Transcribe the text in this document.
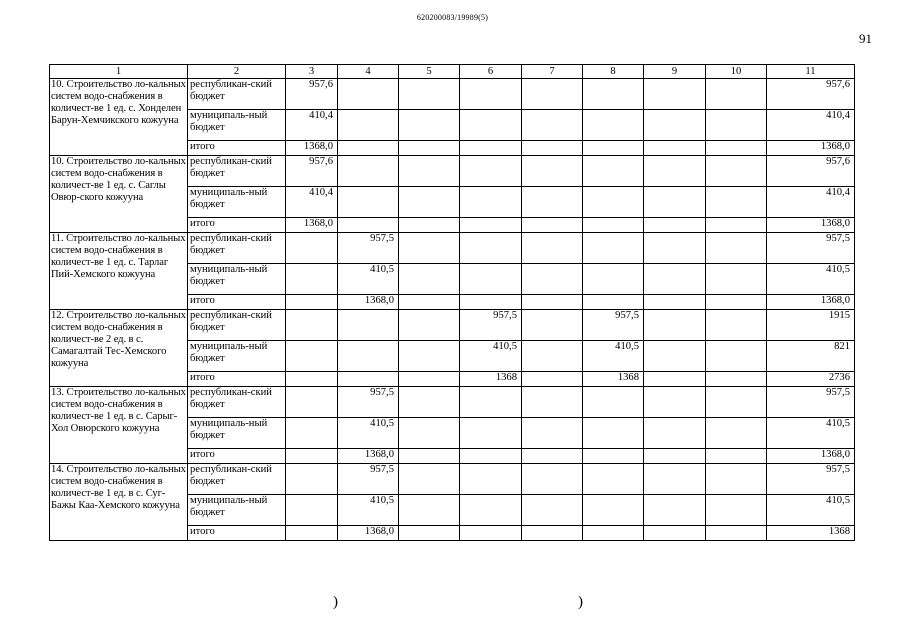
620200083/19989(5)
91
1	2	3	4	5	6	7	8	9	10	11
10. Строительство ло-кальных систем водо-снабжения в количест-ве 1 ед. с. Хонделен Барун-Хемчикского кожууна	республикан-ский бюджет	957,6								957,6
	муниципаль-ный бюджет	410,4								410,4
	итого	1368,0								1368,0
10. Строительство ло-кальных систем водо-снабжения в количест-ве 1 ед. с. Саглы Овюр-ского кожууна	республикан-ский бюджет	957,6								957,6
	муниципаль-ный бюджет	410,4								410,4
	итого	1368,0								1368,0
11. Строительство ло-кальных систем водо-снабжения в количест-ве 1 ед. с. Тарлаг Пий-Хемского кожууна	республикан-ский бюджет		957,5							957,5
	муниципаль-ный бюджет		410,5							410,5
	итого		1368,0							1368,0
12. Строительство ло-кальных систем водо-снабжения в количест-ве 2 ед. в с. Самагалтай Тес-Хемского кожууна	республикан-ский бюджет				957,5		957,5			1915
	муниципаль-ный бюджет				410,5		410,5			821
	итого				1368		1368			2736
13. Строительство ло-кальных систем водо-снабжения в количест-ве 1 ед. в с. Сарыг-Хол Овюрского кожууна	республикан-ский бюджет		957,5							957,5
	муниципаль-ный бюджет		410,5							410,5
	итого		1368,0							1368,0
14. Строительство ло-кальных систем водо-снабжения в количест-ве 1 ед. в с. Суг-Бажы Каа-Хемского кожууна	республикан-ский бюджет		957,5							957,5
	муниципаль-ный бюджет		410,5							410,5
	итого		1368,0							1368
)	)
